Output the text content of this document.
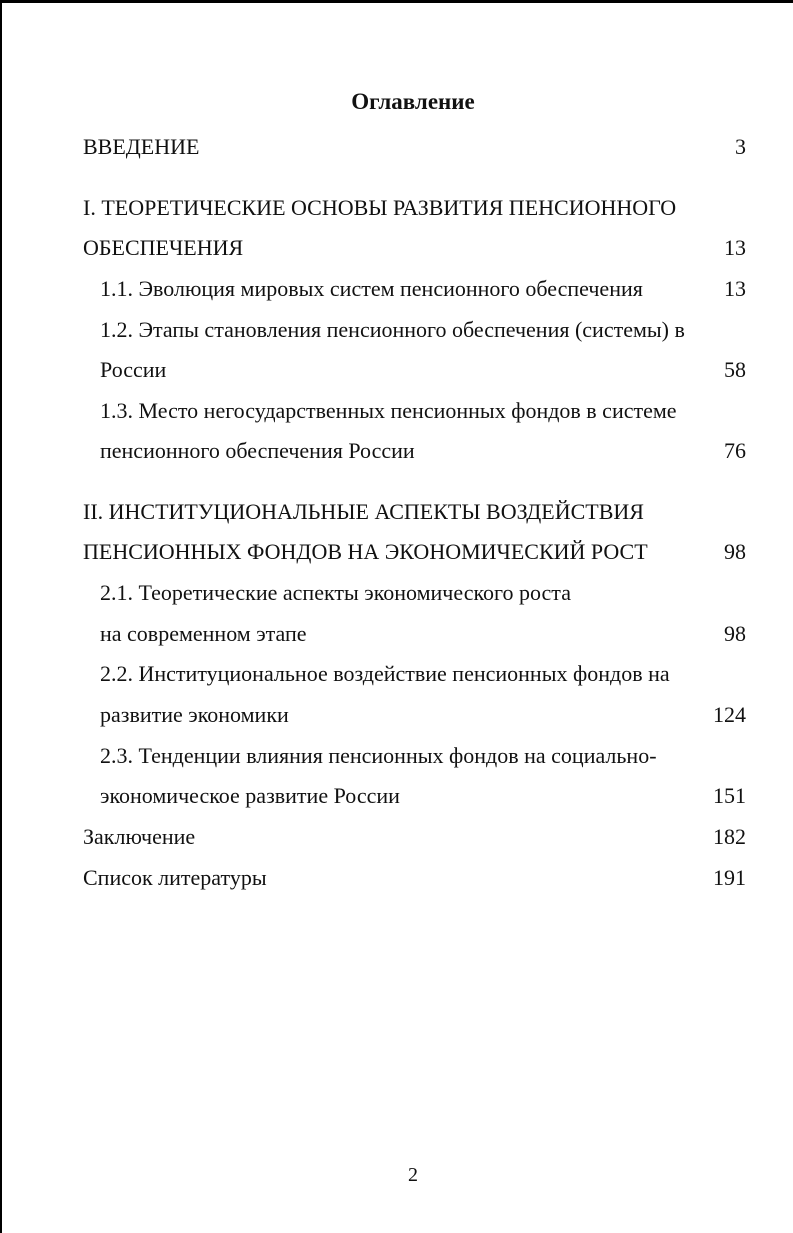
Оглавление
ВВЕДЕНИЕ	3
I. ТЕОРЕТИЧЕСКИЕ ОСНОВЫ РАЗВИТИЯ ПЕНСИОННОГО
ОБЕСПЕЧЕНИЯ	13
1.1. Эволюция мировых систем пенсионного обеспечения	13
1.2. Этапы становления пенсионного обеспечения (системы) в
России	58
1.3. Место негосударственных пенсионных фондов в системе
пенсионного обеспечения России	76
II. ИНСТИТУЦИОНАЛЬНЫЕ АСПЕКТЫ ВОЗДЕЙСТВИЯ
ПЕНСИОННЫХ ФОНДОВ НА ЭКОНОМИЧЕСКИЙ РОСТ	98
2.1. Теоретические аспекты экономического роста
на современном этапе	98
2.2. Институциональное воздействие пенсионных фондов на
развитие экономики	124
2.3. Тенденции влияния пенсионных фондов на социально-
экономическое развитие России	151
Заключение	182
Список литературы	191
2
